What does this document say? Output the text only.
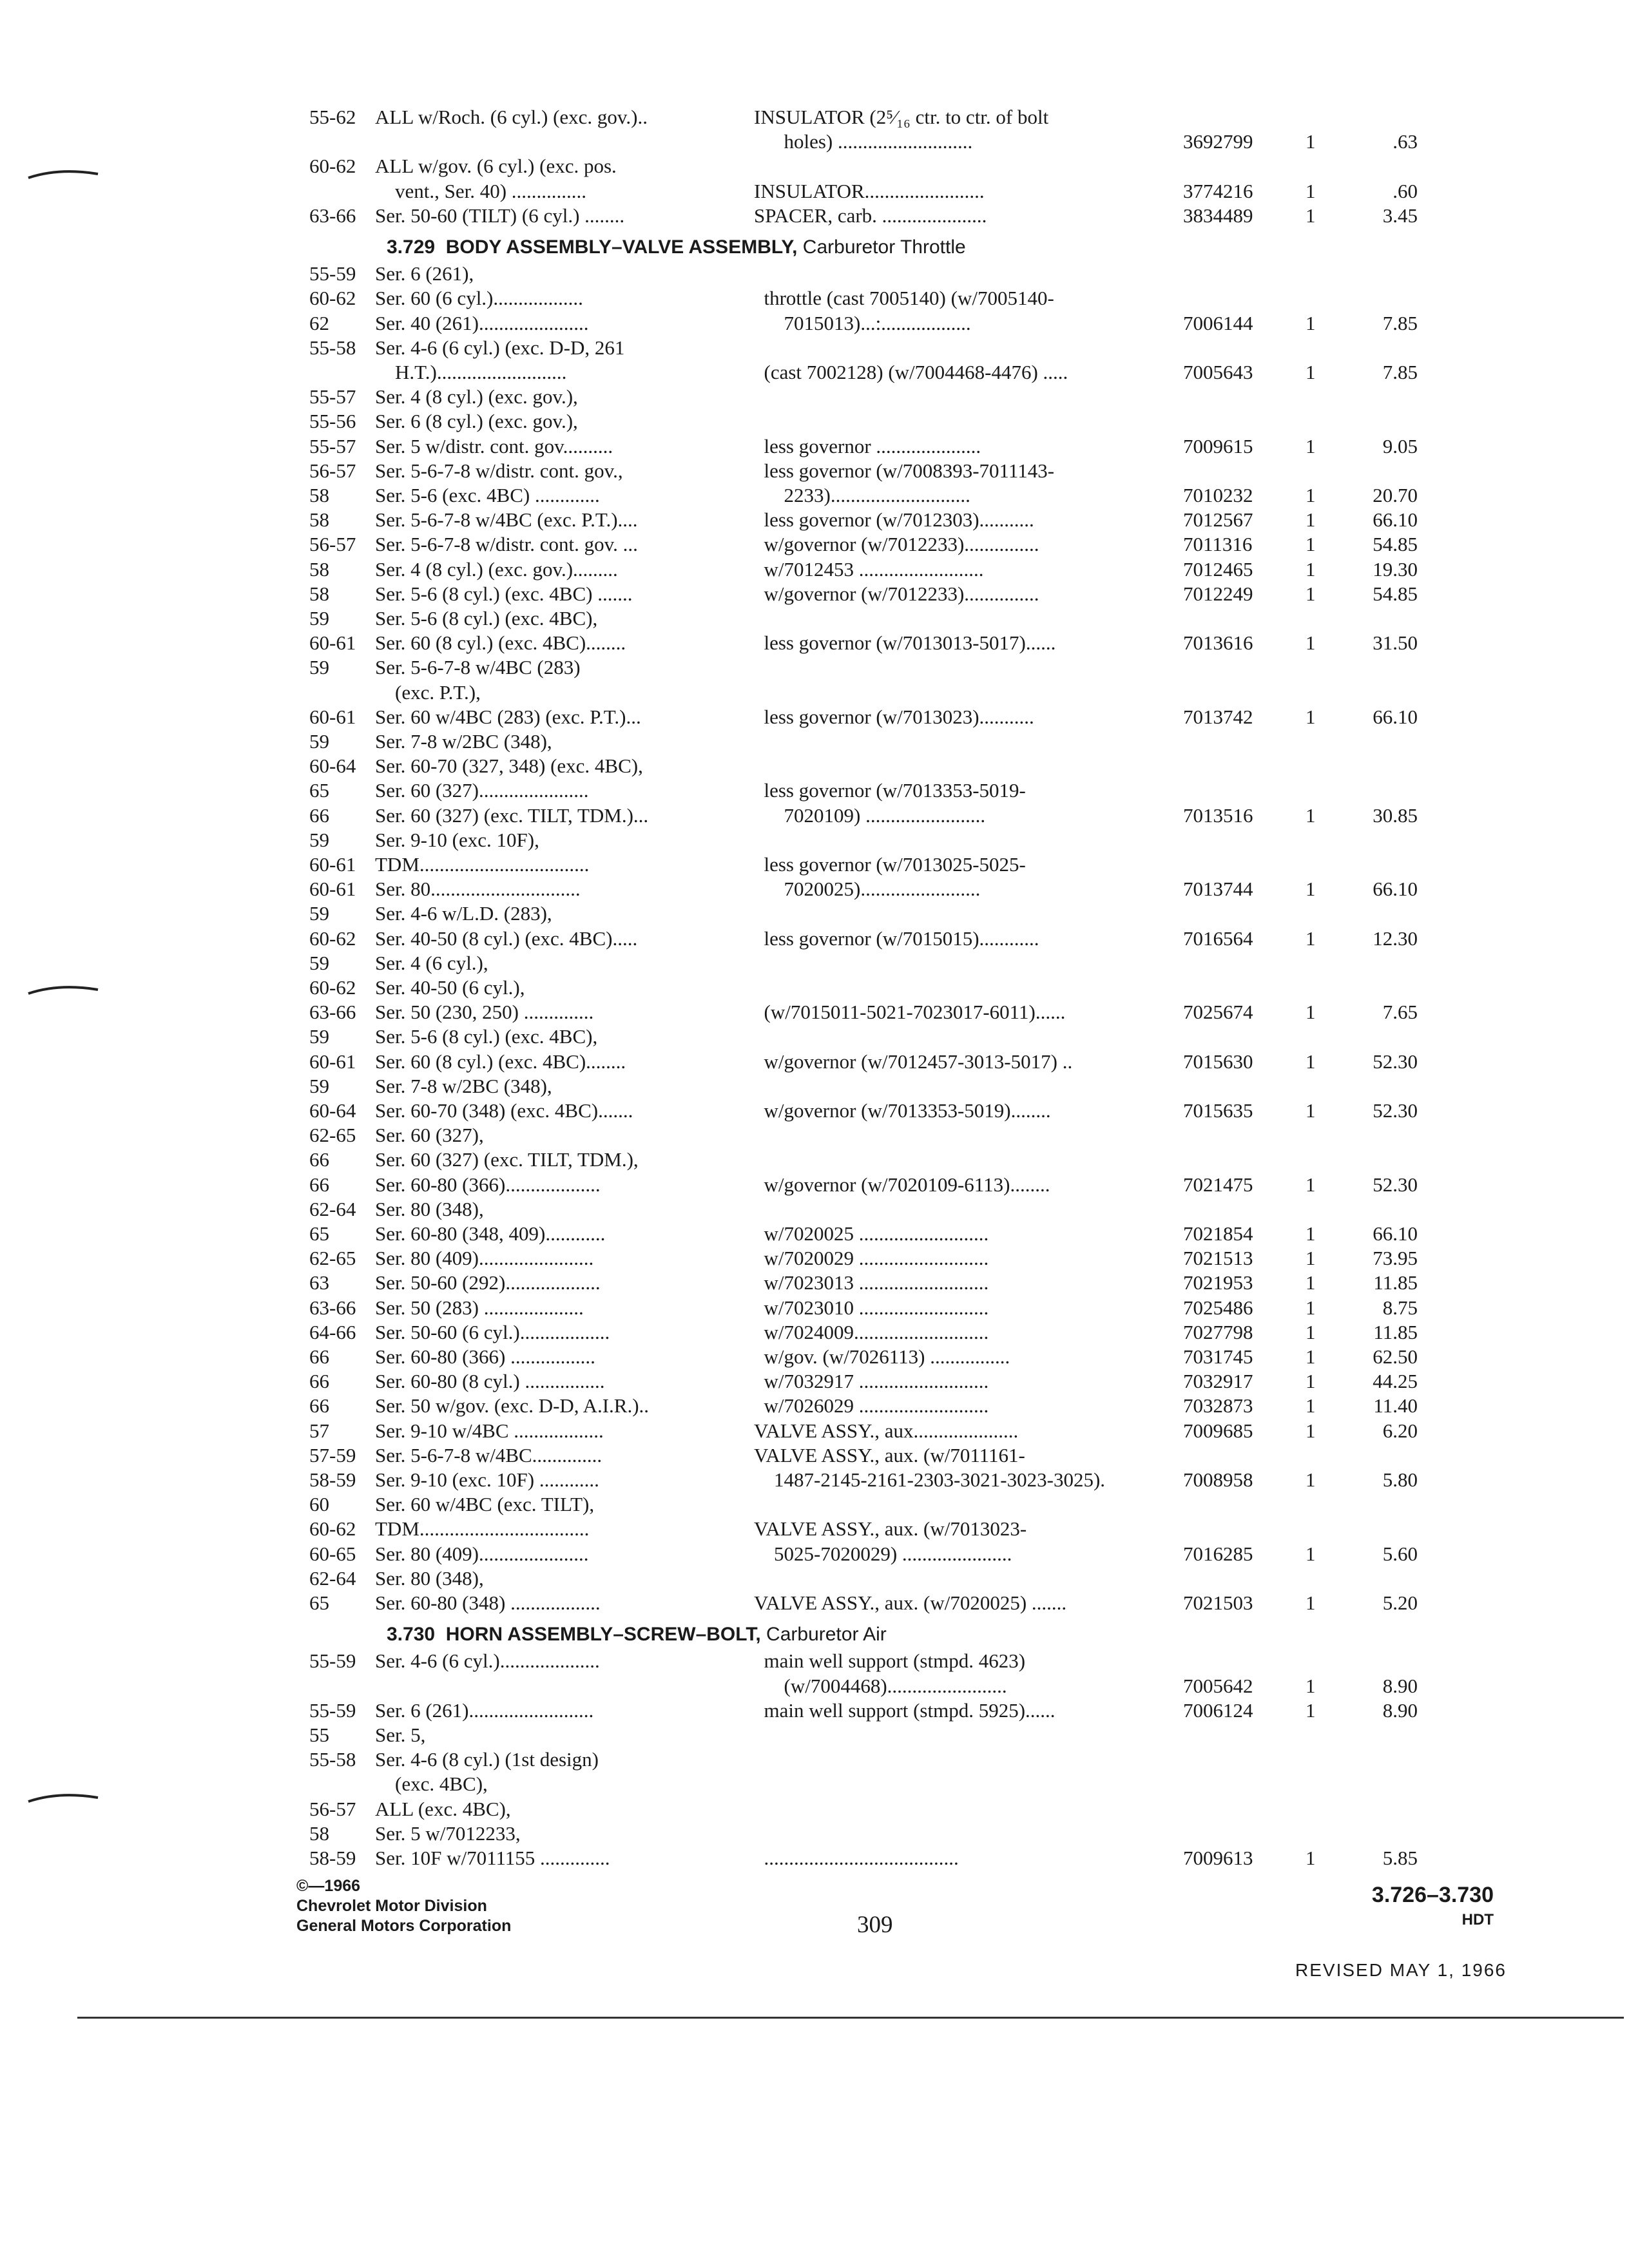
55-62 ALL w/Roch. (6 cyl.) (exc. gov.)..	INSULATOR (2⁵⁄₁₆ ctr. to ctr. of bolt
holes) ...........................	3692799	1	.63
60-62 ALL w/gov. (6 cyl.) (exc. pos.
vent., Ser. 40) ...............	INSULATOR........................	3774216	1	.60
63-66 Ser. 50-60 (TILT) (6 cyl.) ........	SPACER, carb. .....................	3834489	1	3.45
3.729  BODY ASSEMBLY–VALVE ASSEMBLY, Carburetor Throttle
55-59 Ser. 6 (261),
60-62 Ser. 60 (6 cyl.)..................	throttle (cast 7005140) (w/7005140-
62 Ser. 40 (261)......................	7015013)...:..................	7006144	1	7.85
55-58 Ser. 4-6 (6 cyl.) (exc. D-D, 261
H.T.)..........................	(cast 7002128) (w/7004468-4476) .....	7005643	1	7.85
55-57 Ser. 4 (8 cyl.) (exc. gov.),
55-56 Ser. 6 (8 cyl.) (exc. gov.),
55-57 Ser. 5 w/distr. cont. gov..........	less governor .....................	7009615	1	9.05
56-57 Ser. 5-6-7-8 w/distr. cont. gov.,	less governor (w/7008393-7011143-
58 Ser. 5-6 (exc. 4BC) .............	2233)............................	7010232	1	20.70
58 Ser. 5-6-7-8 w/4BC (exc. P.T.)....	less governor (w/7012303)...........	7012567	1	66.10
56-57 Ser. 5-6-7-8 w/distr. cont. gov. ...	w/governor (w/7012233)...............	7011316	1	54.85
58 Ser. 4 (8 cyl.) (exc. gov.).........	w/7012453 .........................	7012465	1	19.30
58 Ser. 5-6 (8 cyl.) (exc. 4BC) .......	w/governor (w/7012233)...............	7012249	1	54.85
59 Ser. 5-6 (8 cyl.) (exc. 4BC),
60-61 Ser. 60 (8 cyl.) (exc. 4BC)........	less governor (w/7013013-5017)......	7013616	1	31.50
59 Ser. 5-6-7-8 w/4BC (283)
(exc. P.T.),
60-61 Ser. 60 w/4BC (283) (exc. P.T.)...	less governor (w/7013023)...........	7013742	1	66.10
59 Ser. 7-8 w/2BC (348),
60-64 Ser. 60-70 (327, 348) (exc. 4BC),
65 Ser. 60 (327)......................	less governor (w/7013353-5019-
66 Ser. 60 (327) (exc. TILT, TDM.)...	7020109) ........................	7013516	1	30.85
59 Ser. 9-10 (exc. 10F),
60-61 TDM..................................	less governor (w/7013025-5025-
60-61 Ser. 80..............................	7020025)........................	7013744	1	66.10
59 Ser. 4-6 w/L.D. (283),
60-62 Ser. 40-50 (8 cyl.) (exc. 4BC).....	less governor (w/7015015)............	7016564	1	12.30
59 Ser. 4 (6 cyl.),
60-62 Ser. 40-50 (6 cyl.),
63-66 Ser. 50 (230, 250) ..............	(w/7015011-5021-7023017-6011)......	7025674	1	7.65
59 Ser. 5-6 (8 cyl.) (exc. 4BC),
60-61 Ser. 60 (8 cyl.) (exc. 4BC)........	w/governor (w/7012457-3013-5017) ..	7015630	1	52.30
59 Ser. 7-8 w/2BC (348),
60-64 Ser. 60-70 (348) (exc. 4BC).......	w/governor (w/7013353-5019)........	7015635	1	52.30
62-65 Ser. 60 (327),
66 Ser. 60 (327) (exc. TILT, TDM.),
66 Ser. 60-80 (366)...................	w/governor (w/7020109-6113)........	7021475	1	52.30
62-64 Ser. 80 (348),
65 Ser. 60-80 (348, 409)............	w/7020025 ..........................	7021854	1	66.10
62-65 Ser. 80 (409).......................	w/7020029 ..........................	7021513	1	73.95
63 Ser. 50-60 (292)...................	w/7023013 ..........................	7021953	1	11.85
63-66 Ser. 50 (283) ....................	w/7023010 ..........................	7025486	1	8.75
64-66 Ser. 50-60 (6 cyl.)..................	w/7024009...........................	7027798	1	11.85
66 Ser. 60-80 (366) .................	w/gov. (w/7026113) ................	7031745	1	62.50
66 Ser. 60-80 (8 cyl.) ................	w/7032917 ..........................	7032917	1	44.25
66 Ser. 50 w/gov. (exc. D-D, A.I.R.)..	w/7026029 ..........................	7032873	1	11.40
57 Ser. 9-10 w/4BC ..................	VALVE ASSY., aux.....................	7009685	1	6.20
57-59 Ser. 5-6-7-8 w/4BC..............	VALVE ASSY., aux. (w/7011161-
58-59 Ser. 9-10 (exc. 10F) ............	1487-2145-2161-2303-3021-3023-3025).	7008958	1	5.80
60 Ser. 60 w/4BC (exc. TILT),
60-62 TDM..................................	VALVE ASSY., aux. (w/7013023-
60-65 Ser. 80 (409)......................	5025-7020029) ......................	7016285	1	5.60
62-64 Ser. 80 (348),
65 Ser. 60-80 (348) ..................	VALVE ASSY., aux. (w/7020025) .......	7021503	1	5.20
3.730  HORN ASSEMBLY–SCREW–BOLT, Carburetor Air
55-59 Ser. 4-6 (6 cyl.)....................	main well support (stmpd. 4623)
(w/7004468)........................	7005642	1	8.90
55-59 Ser. 6 (261).........................	main well support (stmpd. 5925)......	7006124	1	8.90
55 Ser. 5,
55-58 Ser. 4-6 (8 cyl.) (1st design)
(exc. 4BC),
56-57 ALL (exc. 4BC),
58 Ser. 5 w/7012233,
58-59 Ser. 10F w/7011155 ..............	.......................................	7009613	1	5.85
©—1966
Chevrolet Motor Division
General Motors Corporation	309
3.726–3.730
HDT
REVISED MAY 1, 1966
